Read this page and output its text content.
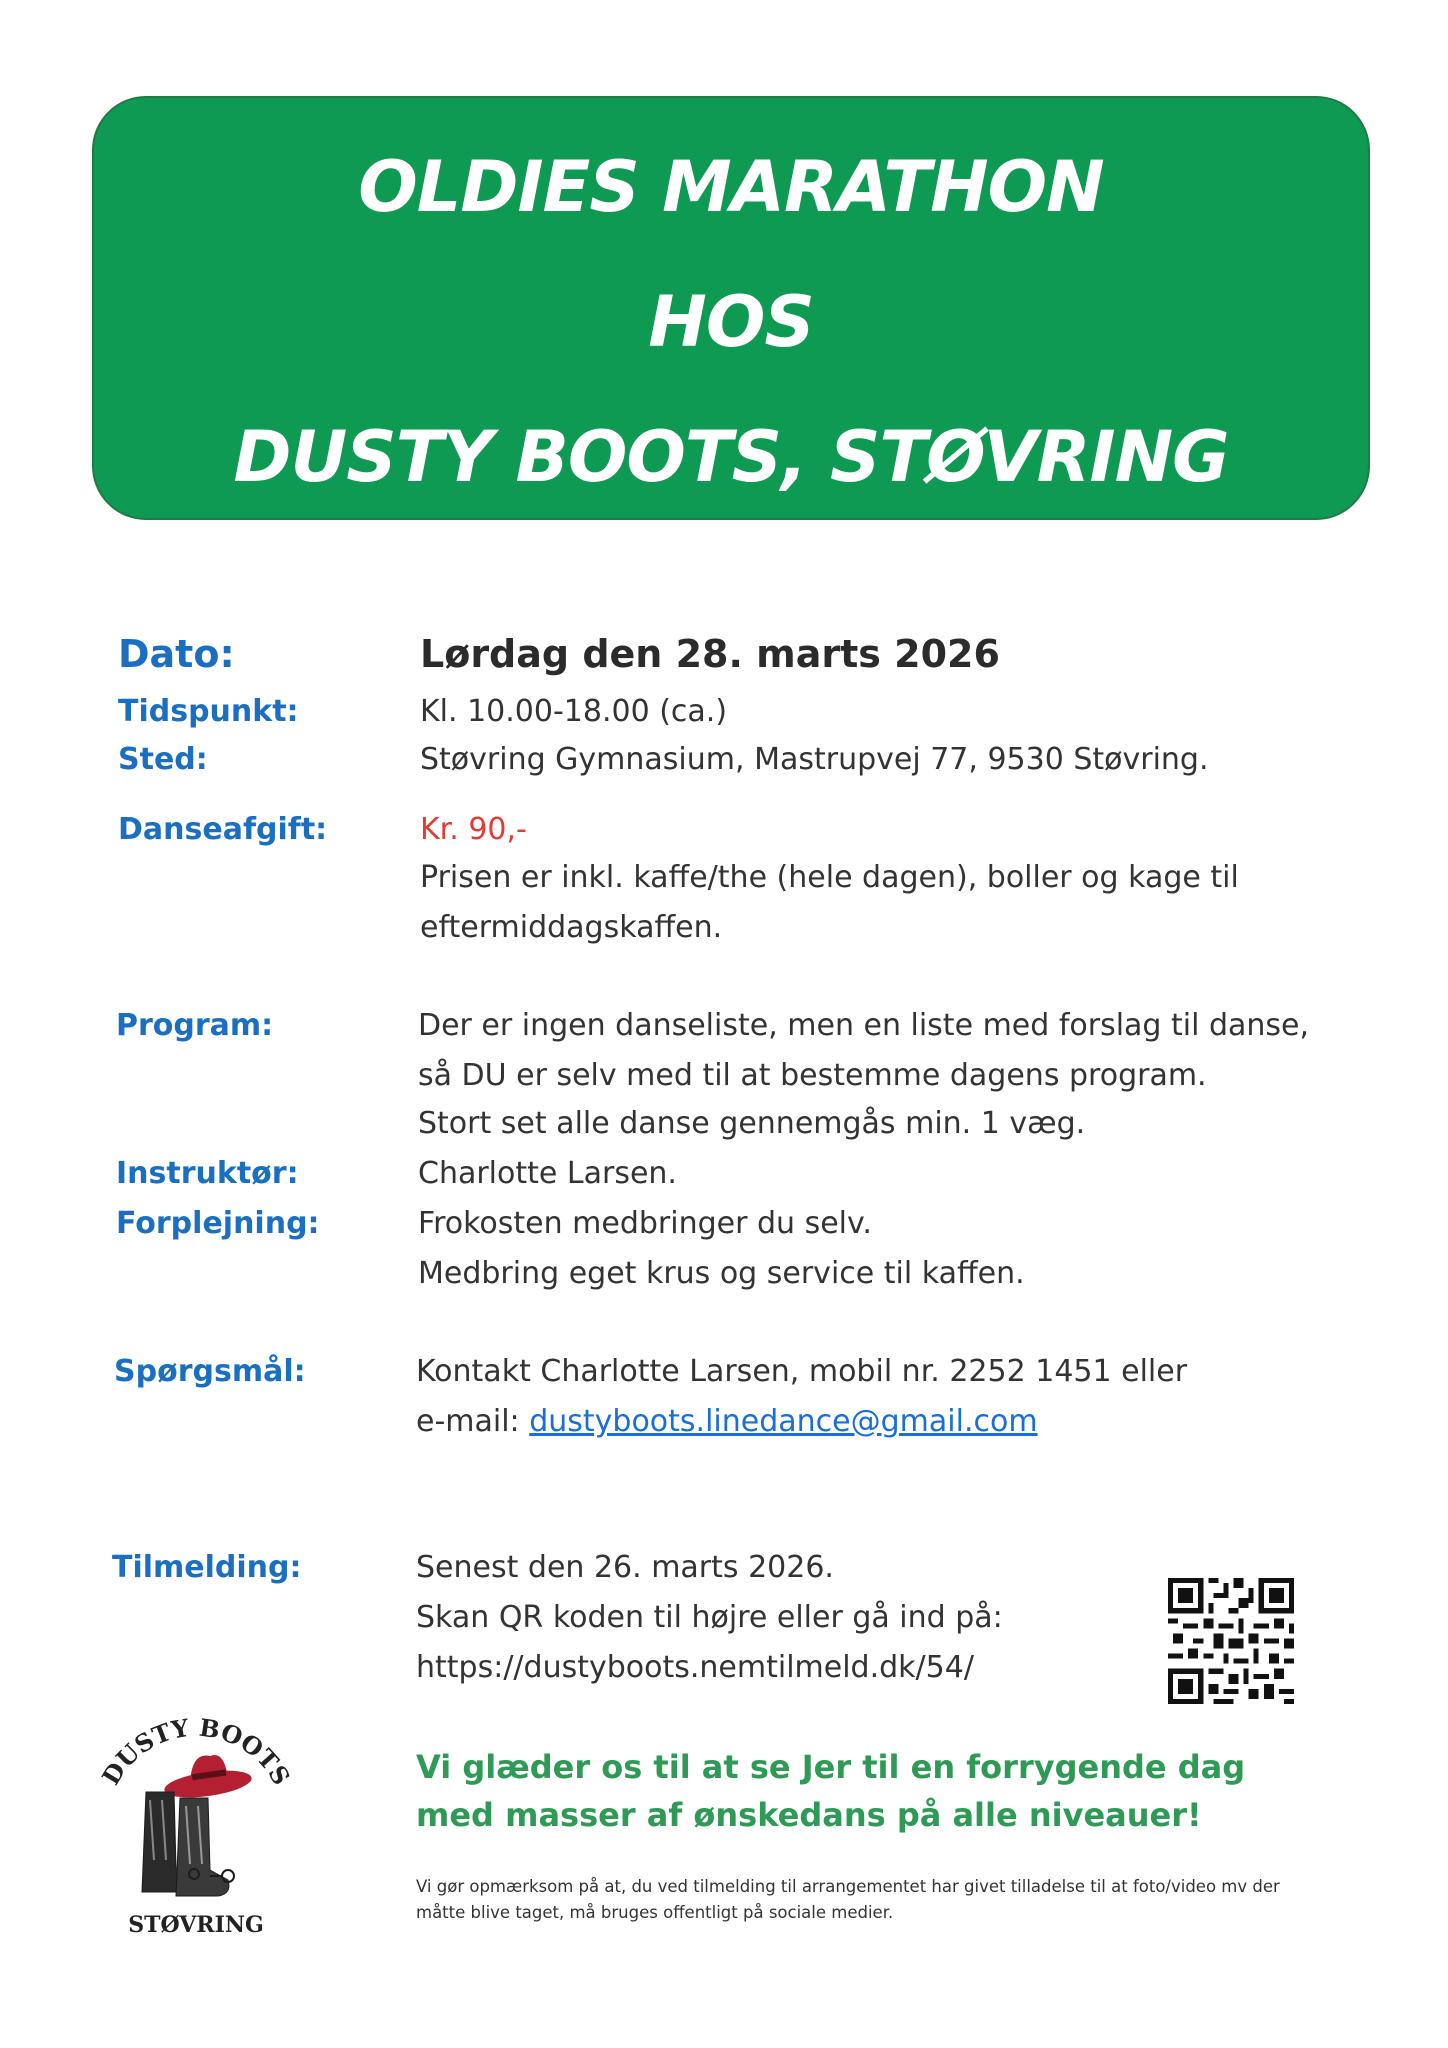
OLDIES MARATHON
HOS
DUSTY BOOTS, STØVRING
Dato:	Lørdag den 28. marts 2026
Tidspunkt:	Kl. 10.00-18.00 (ca.)
Sted:	Støvring Gymnasium, Mastrupvej 77, 9530 Støvring.
Danseafgift:	Kr. 90,-
Prisen er inkl. kaffe/the (hele dagen), boller og kage til
eftermiddagskaffen.
Program:	Der er ingen danseliste, men en liste med forslag til danse,
så DU er selv med til at bestemme dagens program.
Stort set alle danse gennemgås min. 1 væg.
Instruktør:	Charlotte Larsen.
Forplejning:	Frokosten medbringer du selv.
Medbring eget krus og service til kaffen.
Spørgsmål:	Kontakt Charlotte Larsen, mobil nr. 2252 1451 eller
e-mail: dustyboots.linedance@gmail.com
Tilmelding:	Senest den 26. marts 2026.
Skan QR koden til højre eller gå ind på:
https://dustyboots.nemtilmeld.dk/54/
DUSTY BOOTS
STØVRING
Vi glæder os til at se Jer til en forrygende dag
med masser af ønskedans på alle niveauer!
Vi gør opmærksom på at, du ved tilmelding til arrangementet har givet tilladelse til at foto/video mv der måtte blive taget, må bruges offentligt på sociale medier.
